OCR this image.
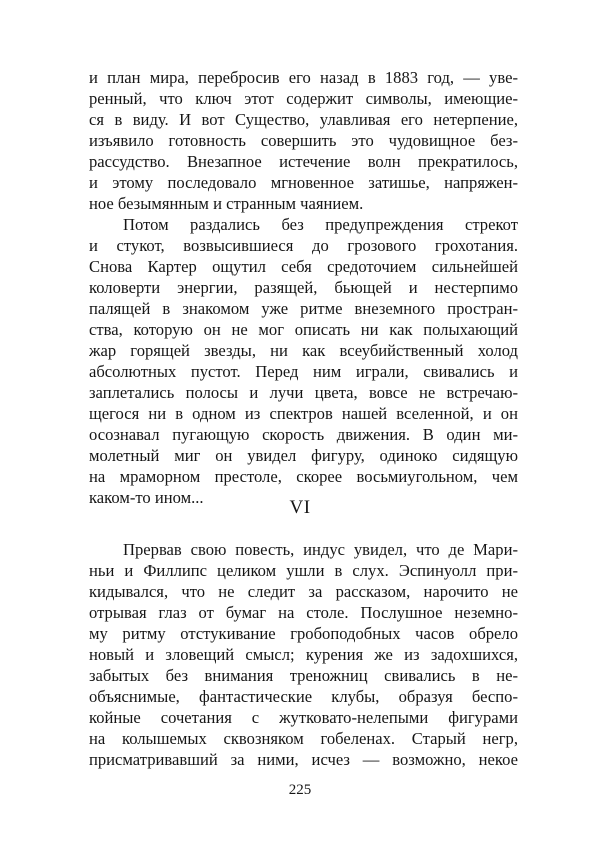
и план мира, перебросив его назад в 1883 год, — уве-
ренный, что ключ этот содержит символы, имеющие-
ся в виду. И вот Существо, улавливая его нетерпение,
изъявило готовность совершить это чудовищное без-
рассудство. Внезапное истечение волн прекратилось,
и этому последовало мгновенное затишье, напряжен-
ное безымянным и странным чаянием.
Потом раздались без предупреждения стрекот
и стукот, возвысившиеся до грозового грохотания.
Снова Картер ощутил себя средоточием сильнейшей
коловерти энергии, разящей, бьющей и нестерпимо
палящей в знакомом уже ритме внеземного простран-
ства, которую он не мог описать ни как полыхающий
жар горящей звезды, ни как всеубийственный холод
абсолютных пустот. Перед ним играли, свивались и
заплетались полосы и лучи цвета, вовсе не встречаю-
щегося ни в одном из спектров нашей вселенной, и он
осознавал пугающую скорость движения. В один ми-
молетный миг он увидел фигуру, одиноко сидящую
на мраморном престоле, скорее восьмиугольном, чем
каком-то ином...	VI
Прервав свою повесть, индус увидел, что де Мари-
ньи и Филлипс целиком ушли в слух. Эспинуолл при-
кидывался, что не следит за рассказом, нарочито не
отрывая глаз от бумаг на столе. Послушное неземно-
му ритму отстукивание гробоподобных часов обрело
новый и зловещий смысл; курения же из задохшихся,
забытых без внимания треножниц свивались в не-
объяснимые, фантастические клубы, образуя беспо-
койные сочетания с жутковато-нелепыми фигурами
на колышемых сквозняком гобеленах. Старый негр,
присматривавший за ними, исчез — возможно, некое
225
